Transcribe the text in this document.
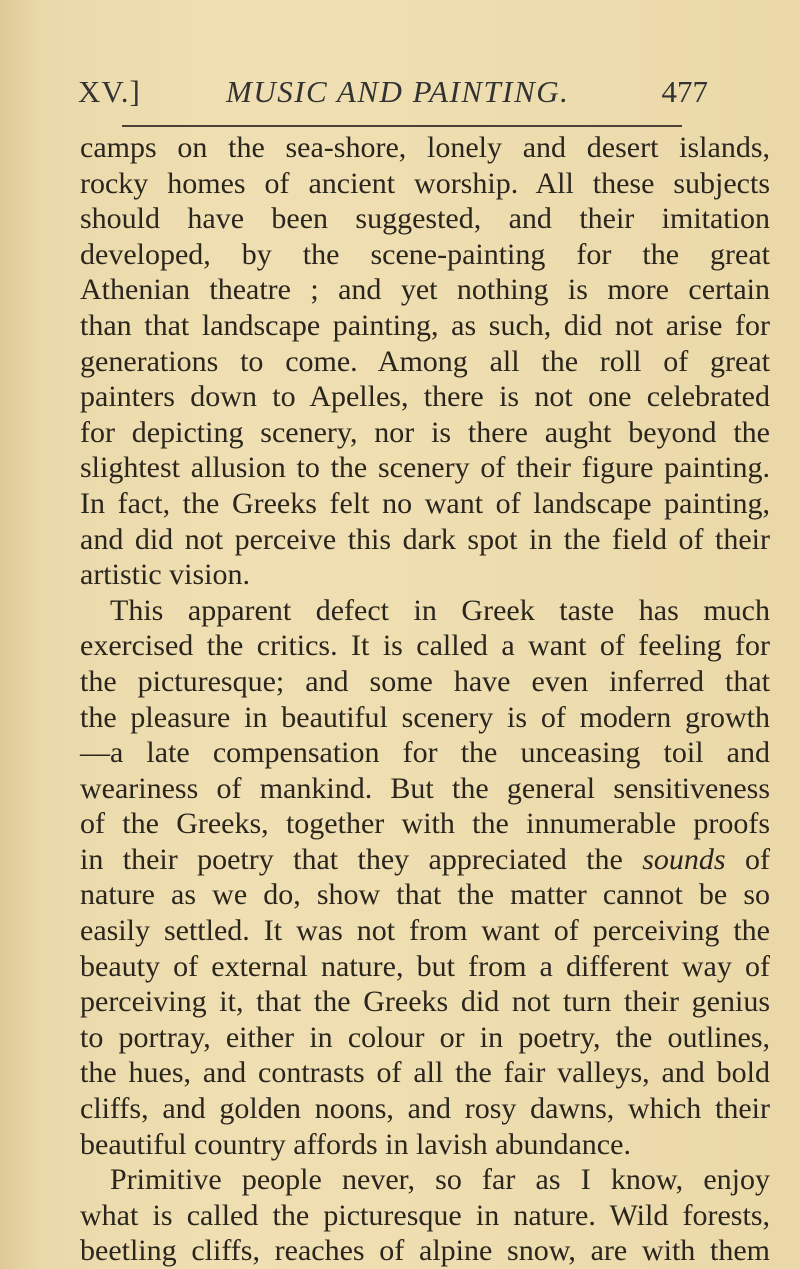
XV.]	MUSIC AND PAINTING.	477
camps on the sea-shore, lonely and desert islands,
rocky homes of ancient worship. All these subjects
should have been suggested, and their imitation
developed, by the scene-painting for the great
Athenian theatre ; and yet nothing is more certain
than that landscape painting, as such, did not arise for
generations to come. Among all the roll of great
painters down to Apelles, there is not one celebrated
for depicting scenery, nor is there aught beyond the
slightest allusion to the scenery of their figure painting.
In fact, the Greeks felt no want of landscape painting,
and did not perceive this dark spot in the field of their
artistic vision.
This apparent defect in Greek taste has much
exercised the critics. It is called a want of feeling for
the picturesque; and some have even inferred that
the pleasure in beautiful scenery is of modern growth
—a late compensation for the unceasing toil and
weariness of mankind. But the general sensitiveness
of the Greeks, together with the innumerable proofs
in their poetry that they appreciated the sounds of
nature as we do, show that the matter cannot be so
easily settled. It was not from want of perceiving the
beauty of external nature, but from a different way of
perceiving it, that the Greeks did not turn their genius
to portray, either in colour or in poetry, the outlines,
the hues, and contrasts of all the fair valleys, and bold
cliffs, and golden noons, and rosy dawns, which their
beautiful country affords in lavish abundance.
Primitive people never, so far as I know, enjoy
what is called the picturesque in nature. Wild forests,
beetling cliffs, reaches of alpine snow, are with them
